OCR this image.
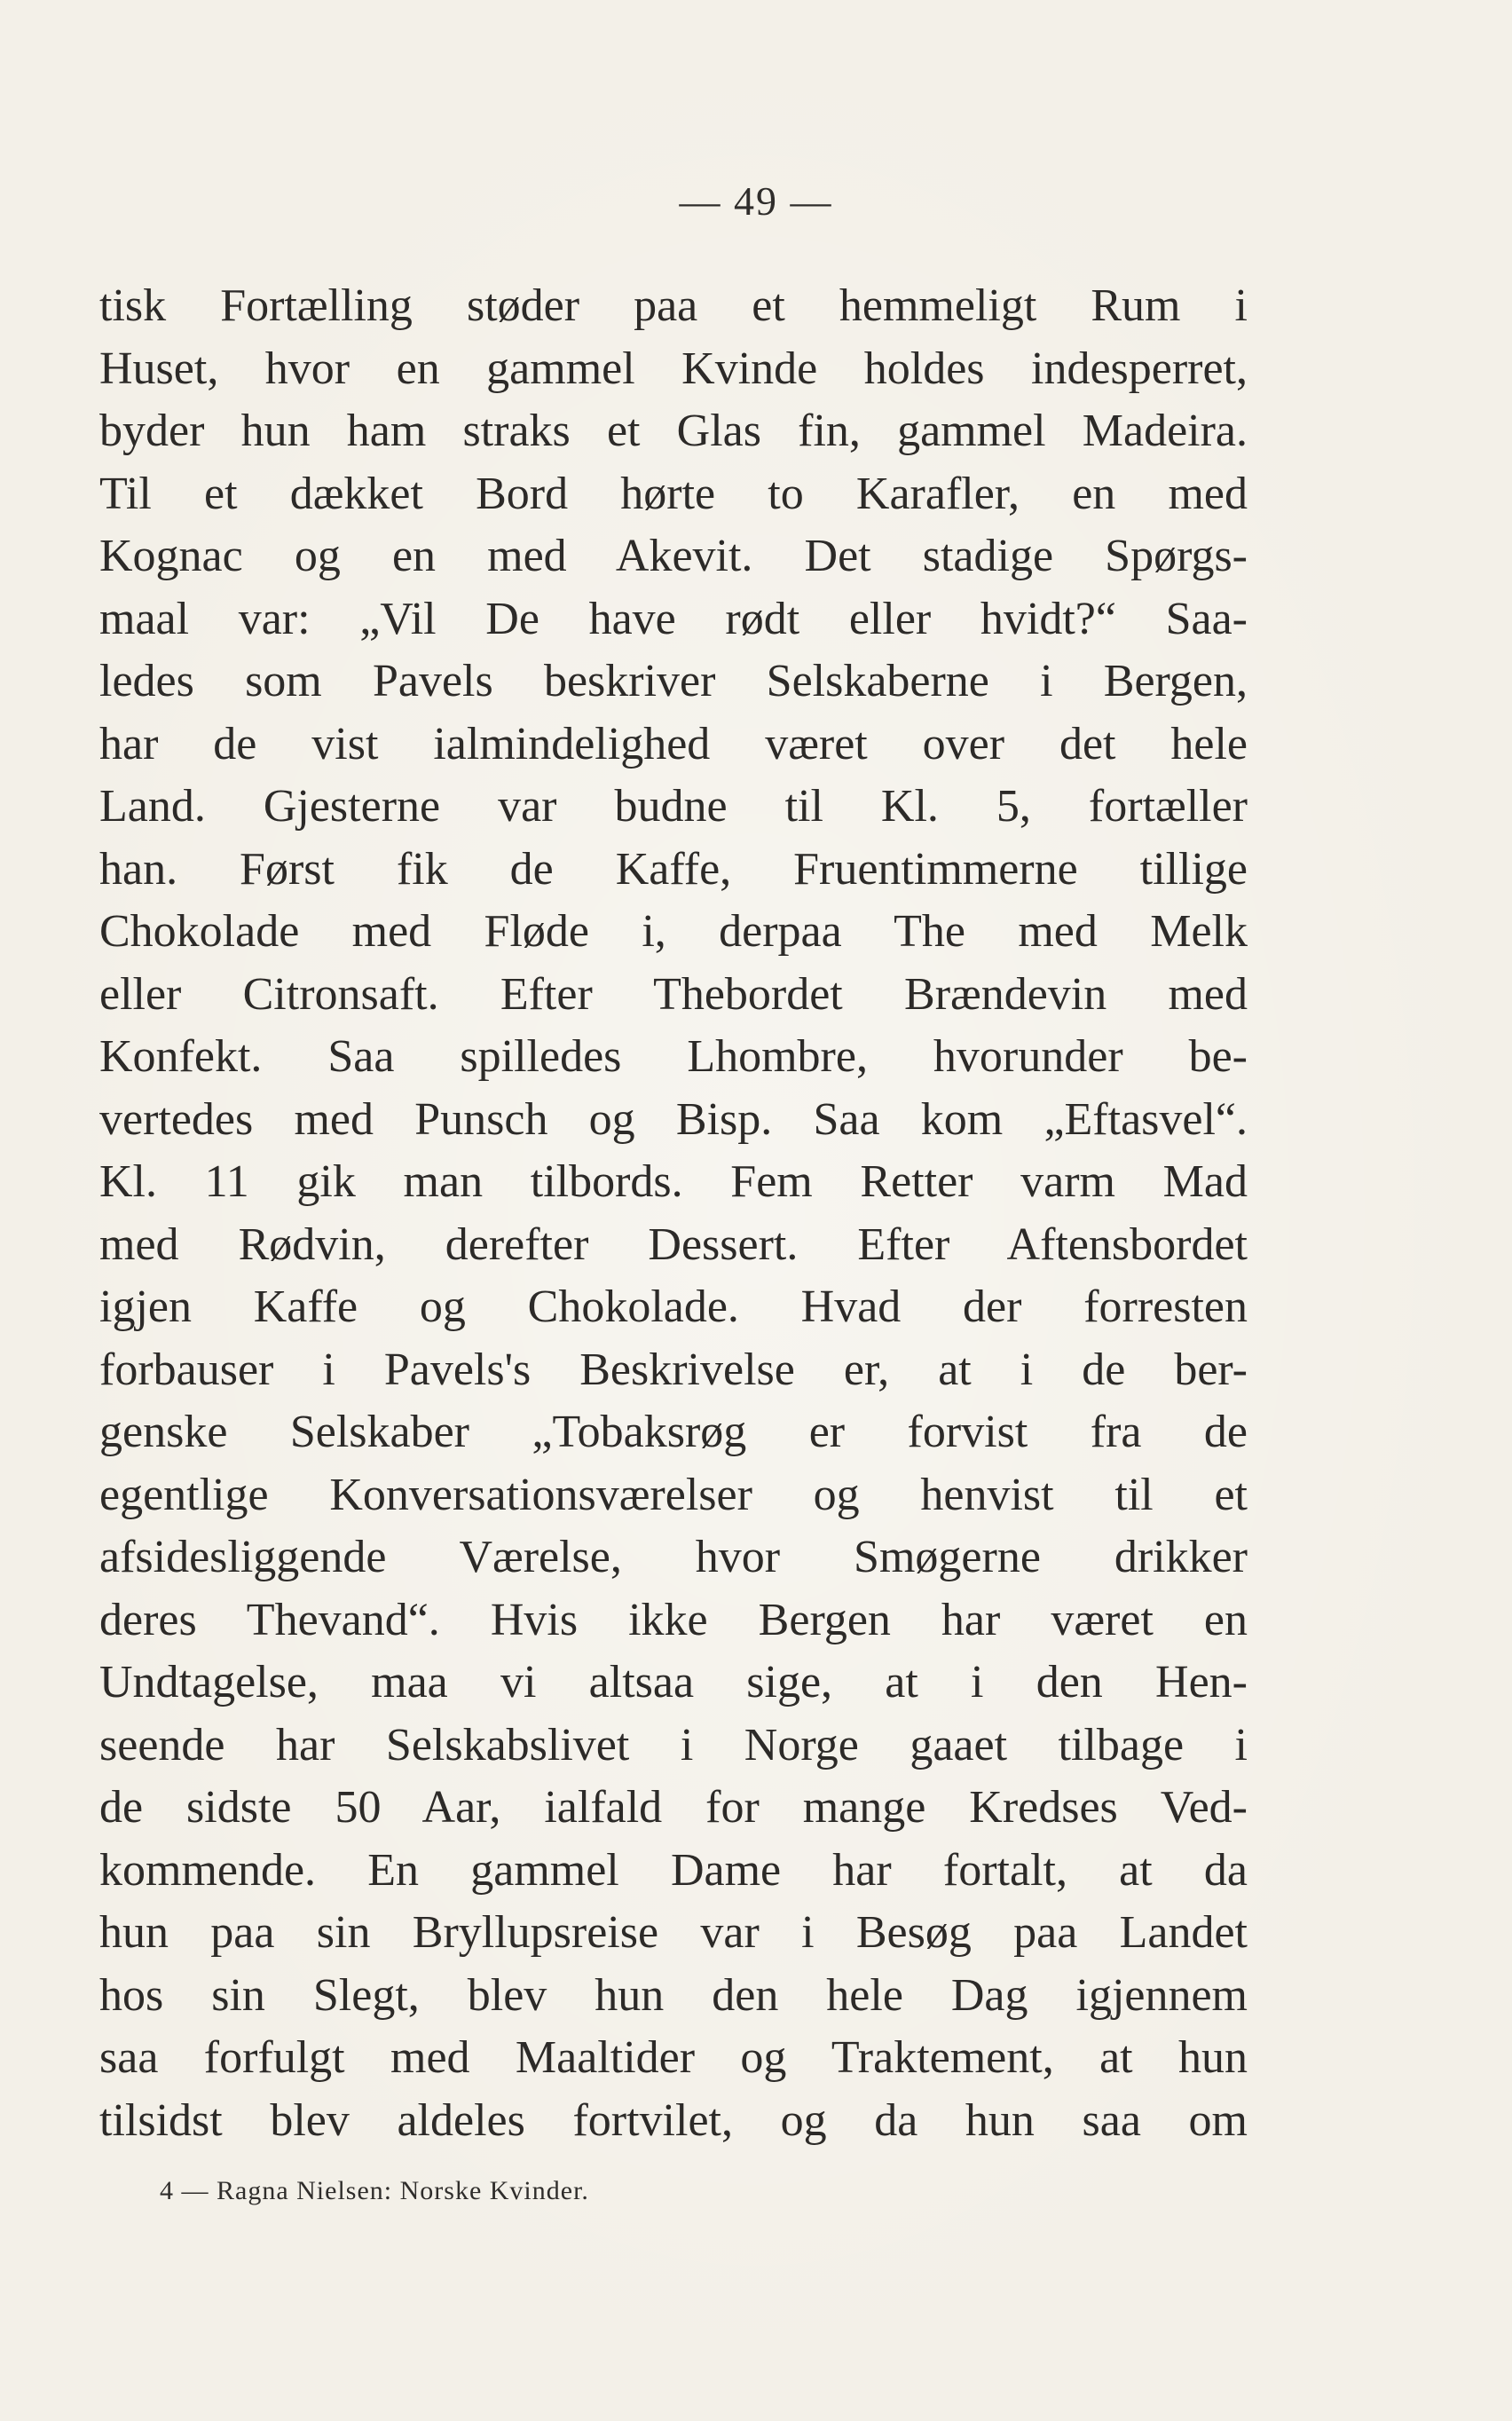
— 49 —
tisk Fortælling støder paa et hemmeligt Rum i
Huset, hvor en gammel Kvinde holdes indesperret,
byder hun ham straks et Glas fin, gammel Madeira.
Til et dækket Bord hørte to Karafler, en med
Kognac og en med Akevit. Det stadige Spørgs-
maal var: „Vil De have rødt eller hvidt?“ Saa-
ledes som Pavels beskriver Selskaberne i Bergen,
har de vist ialmindelighed været over det hele
Land. Gjesterne var budne til Kl. 5, fortæller
han. Først fik de Kaffe, Fruentimmerne tillige
Chokolade med Fløde i, derpaa The med Melk
eller Citronsaft. Efter Thebordet Brændevin med
Konfekt. Saa spilledes Lhombre, hvorunder be-
vertedes med Punsch og Bisp. Saa kom „Eftasvel“.
Kl. 11 gik man tilbords. Fem Retter varm Mad
med Rødvin, derefter Dessert. Efter Aftensbordet
igjen Kaffe og Chokolade. Hvad der forresten
forbauser i Pavels's Beskrivelse er, at i de ber-
genske Selskaber „Tobaksrøg er forvist fra de
egentlige Konversationsværelser og henvist til et
afsidesliggende Værelse, hvor Smøgerne drikker
deres Thevand“. Hvis ikke Bergen har været en
Undtagelse, maa vi altsaa sige, at i den Hen-
seende har Selskabslivet i Norge gaaet tilbage i
de sidste 50 Aar, ialfald for mange Kredses Ved-
kommende. En gammel Dame har fortalt, at da
hun paa sin Bryllupsreise var i Besøg paa Landet
hos sin Slegt, blev hun den hele Dag igjennem
saa forfulgt med Maaltider og Traktement, at hun
tilsidst blev aldeles fortvilet, og da hun saa om
4 — Ragna Nielsen: Norske Kvinder.
